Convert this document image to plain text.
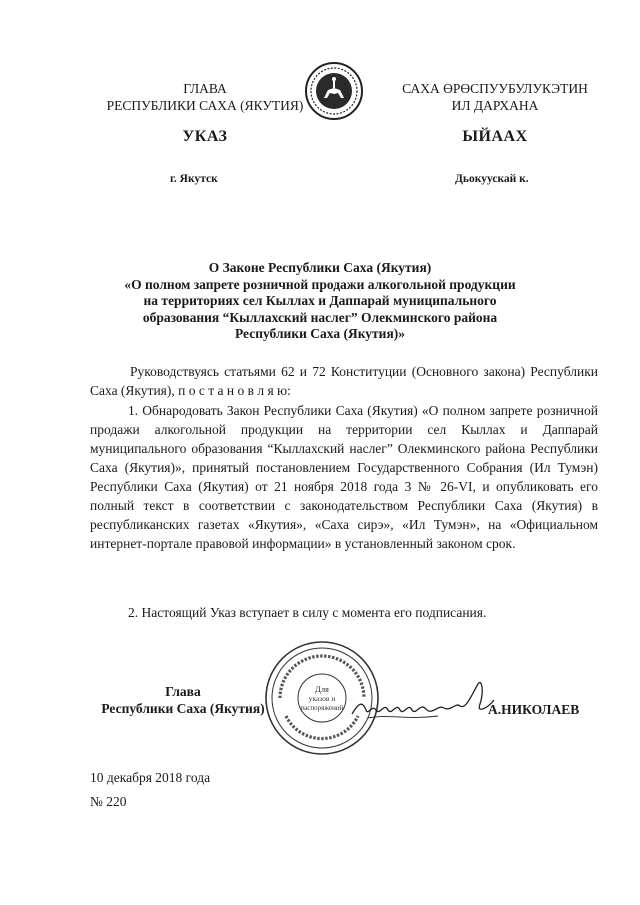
ГЛАВА
РЕСПУБЛИКИ САХА (ЯКУТИЯ)
САХА ӨРӨСПУУБУЛУКЭТИН
ИЛ ДАРХАНА
УКАЗ	ЫЙААХ
г. Якутск	Дьокуускай к.
О Законе Республики Саха (Якутия)
«О полном запрете розничной продажи алкогольной продукции
на территориях сел Кыллах и Даппарай муниципального
образования “Кыллахский наслег” Олекминского района
Республики Саха (Якутия)»
Руководствуясь статьями 62 и 72 Конституции (Основного закона) Республики Саха (Якутия), п о с т а н о в л я ю:
1. Обнародовать Закон Республики Саха (Якутия) «О полном запрете розничной продажи алкогольной продукции на территории сел Кыллах и Даппарай муниципального образования “Кыллахский наслег” Олекминского района Республики Саха (Якутия)», принятый постановлением Государственного Собрания (Ил Тумэн) Республики Саха (Якутия) от 21 ноября 2018 года 3 № 26-VI, и опубликовать его полный текст в соответствии с законодательством Республики Саха (Якутия) в республиканских газетах «Якутия», «Саха сирэ», «Ил Тумэн», на «Официальном интернет-портале правовой информации» в установленный законом срок.
2. Настоящий Указ вступает в силу с момента его подписания.
Глава
Республики Саха (Якутия)
Для
указов и
распоряжений	А.НИКОЛАЕВ
10 декабря 2018 года
№ 220
